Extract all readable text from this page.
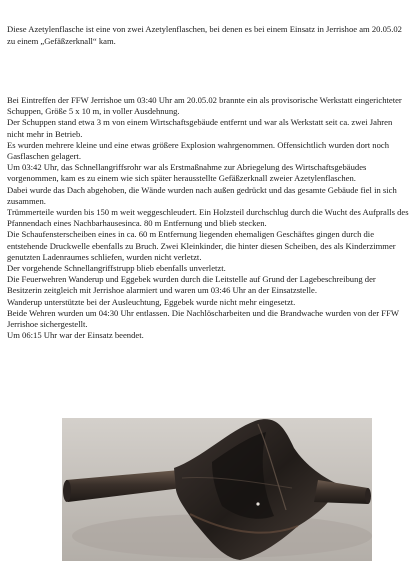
Diese Azetylenflasche ist eine von zwei Azetylenflaschen, bei denen es bei einem Einsatz in Jerrishoe am 20.05.02 zu einem „Gefäßzerknall“ kam.

Bei Eintreffen der FFW Jerrishoe um 03:40 Uhr am 20.05.02 brannte ein als provisorische Werkstatt eingerichteter Schuppen, Größe 5 x 10 m, in voller Ausdehnung.

Der Schuppen stand etwa 3 m von einem Wirtschaftsgebäude entfernt und war als Werkstatt seit ca. zwei Jahren nicht mehr in Betrieb.

Es wurden mehrere kleine und eine etwas größere Explosion wahrgenommen. Offensichtlich wurden dort noch Gasflaschen gelagert.

Um 03:42 Uhr, das Schnellangriffsrohr war als Erstmaßnahme zur Abriegelung des Wirtschaftsgebäudes vorgenommen, kam es zu einem wie sich später herausstellte Gefäßzerknall zweier Azetylenflaschen.

Dabei wurde das Dach abgehoben, die Wände wurden nach außen gedrückt und das gesamte Gebäude fiel in sich zusammen.

Trümmerteile wurden bis 150 m weit weggeschleudert. Ein Holzsteil durchschlug durch die Wucht des Aufpralls des Pfannendach eines Nachbarhausesinca. 80 m Entfernung und blieb stecken.

Die Schaufensterscheiben eines in ca. 60 m Entfernung liegenden ehemaligen Geschäftes gingen durch die entstehende Druckwelle ebenfalls zu Bruch. Zwei Kleinkinder, die hinter diesen Scheiben, des als Kinderzimmer genutzten Ladenraumes schliefen, wurden nicht verletzt.

Der vorgehende Schnellangriffstrupp blieb ebenfalls unverletzt.

Die Feuerwehren Wanderup und Eggebek wurden durch die Leitstelle auf Grund der Lagebeschreibung der Besitzerin zeitgleich mit Jerrishoe alarmiert und waren um 03:46 Uhr an der Einsatzstelle.

Wanderup unterstützte bei der Ausleuchtung, Eggebek wurde nicht mehr eingesetzt.

Beide Wehren wurden um 04:30 Uhr entlassen. Die Nachlöscharbeiten und die Brandwache wurden von der FFW Jerrishoe sichergestellt.

Um 06:15 Uhr war der Einsatz beendet.
